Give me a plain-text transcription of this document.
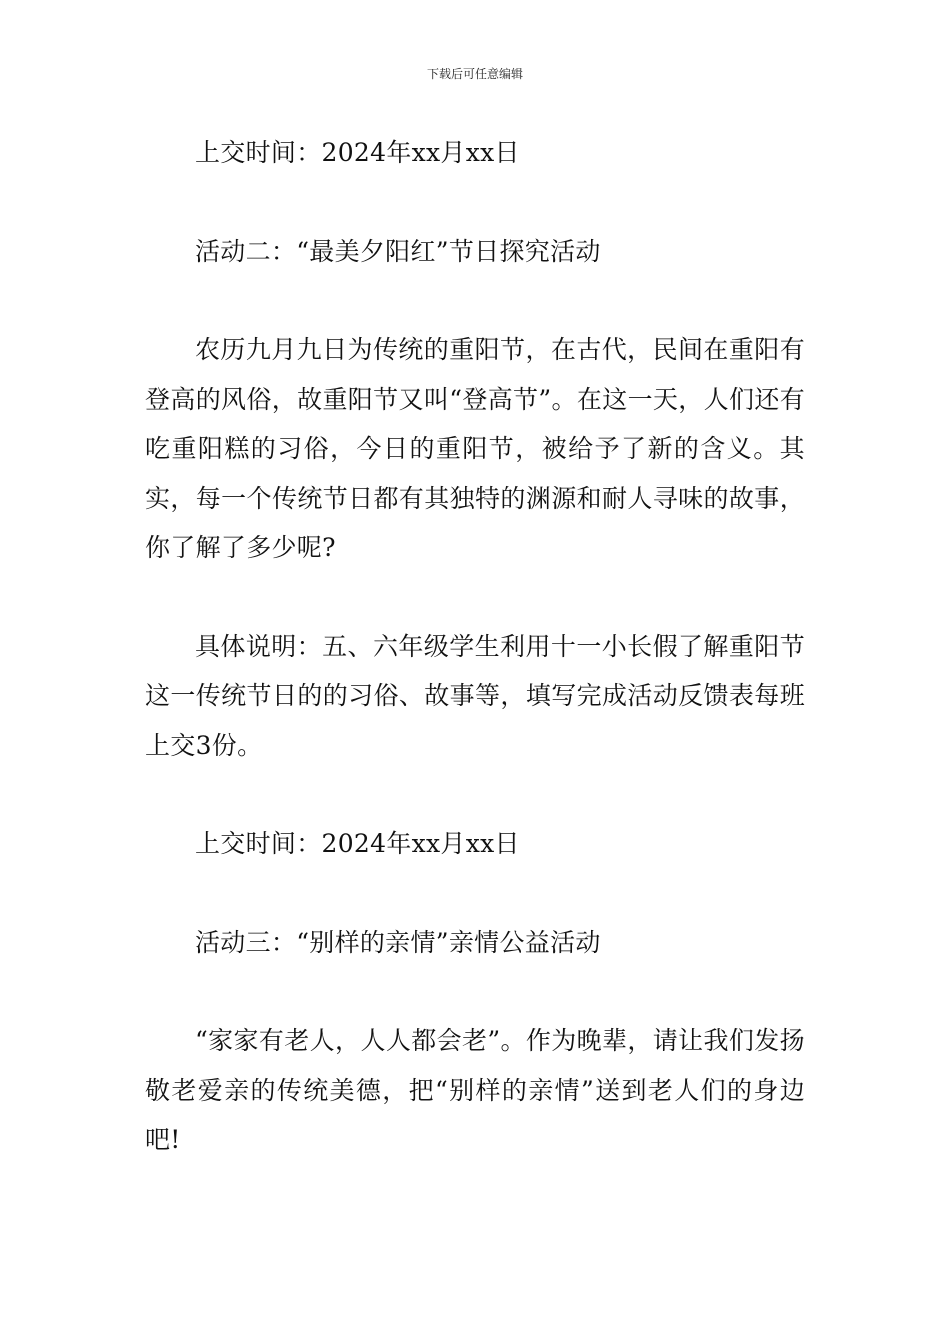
下载后可任意编辑

上交时间：2024年xx月xx日

活动二：“最美夕阳红”节日探究活动

农历九月九日为传统的重阳节，在古代，民间在重阳有登高的风俗，故重阳节又叫“登高节”。在这一天，人们还有吃重阳糕的习俗，今日的重阳节，被给予了新的含义。其实，每一个传统节日都有其独特的渊源和耐人寻味的故事，你了解了多少呢?

具体说明：五、六年级学生利用十一小长假了解重阳节这一传统节日的的习俗、故事等，填写完成活动反馈表每班上交3份。

上交时间：2024年xx月xx日

活动三：“别样的亲情”亲情公益活动

“家家有老人，人人都会老”。作为晚辈，请让我们发扬敬老爱亲的传统美德，把“别样的亲情”送到老人们的身边吧!
